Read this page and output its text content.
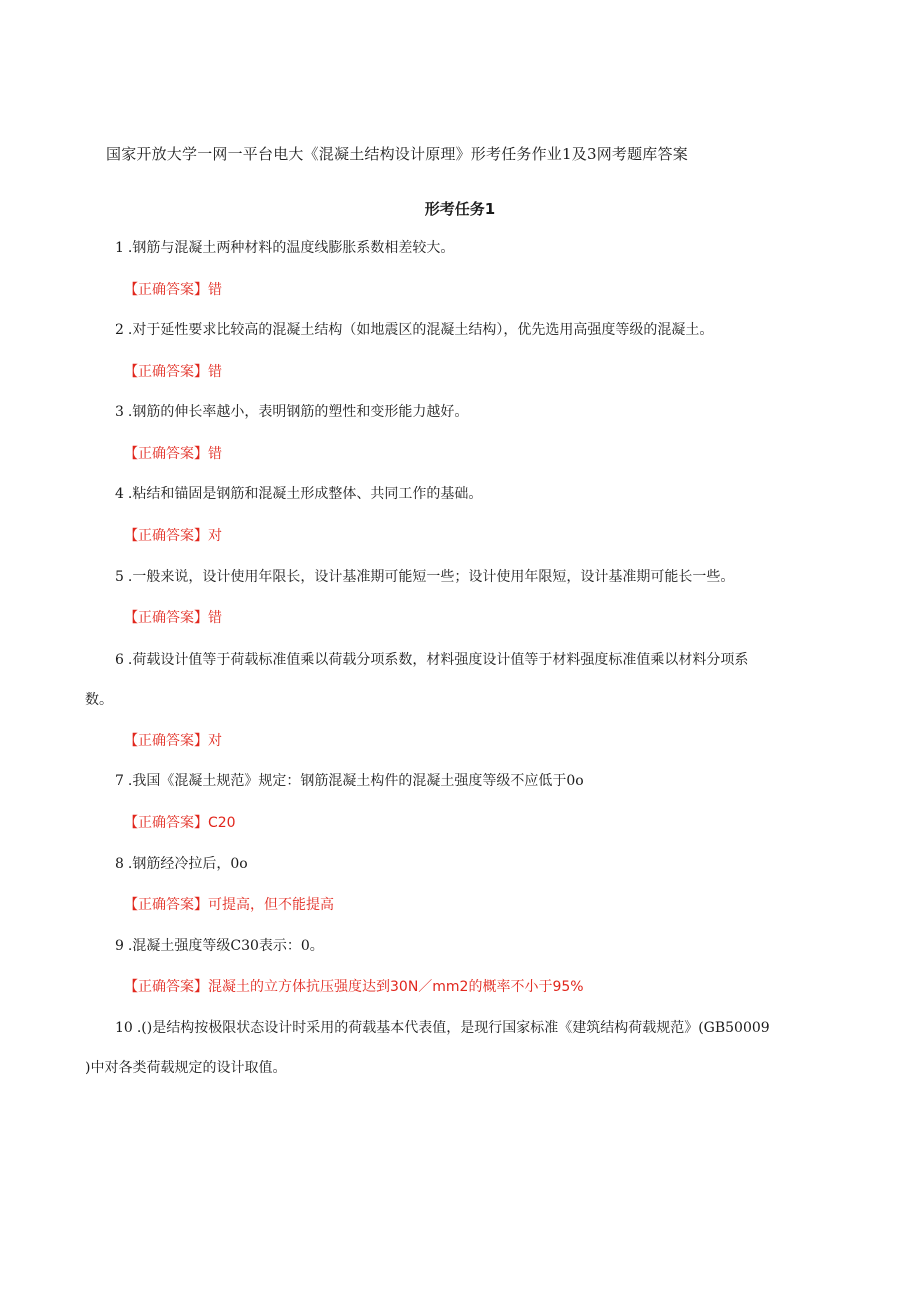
国家开放大学一网一平台电大《混凝土结构设计原理》形考任务作业1及3网考题库答案
形考任务1
1 .钢筋与混凝土两种材料的温度线膨胀系数相差较大。
【正确答案】错
2 .对于延性要求比较高的混凝土结构（如地震区的混凝土结构），优先选用高强度等级的混凝土。
【正确答案】错
3 .钢筋的伸长率越小，表明钢筋的塑性和变形能力越好。
【正确答案】错
4 .粘结和锚固是钢筋和混凝土形成整体、共同工作的基础。
【正确答案】对
5 .一般来说，设计使用年限长，设计基准期可能短一些；设计使用年限短，设计基准期可能长一些。
【正确答案】错
6 .荷载设计值等于荷载标准值乘以荷载分项系数，材料强度设计值等于材料强度标准值乘以材料分项系
数。
【正确答案】对
7 .我国《混凝土规范》规定：钢筋混凝土构件的混凝土强度等级不应低于0o
【正确答案】C20
8 .钢筋经冷拉后，0o
【正确答案】可提高，但不能提高
9 .混凝土强度等级C30表示：0。
【正确答案】混凝土的立方体抗压强度达到30N／mm2的概率不小于95%
10 .()是结构按极限状态设计时采用的荷载基本代表值，是现行国家标准《建筑结构荷载规范》(GB50009
)中对各类荷载规定的设计取值。
